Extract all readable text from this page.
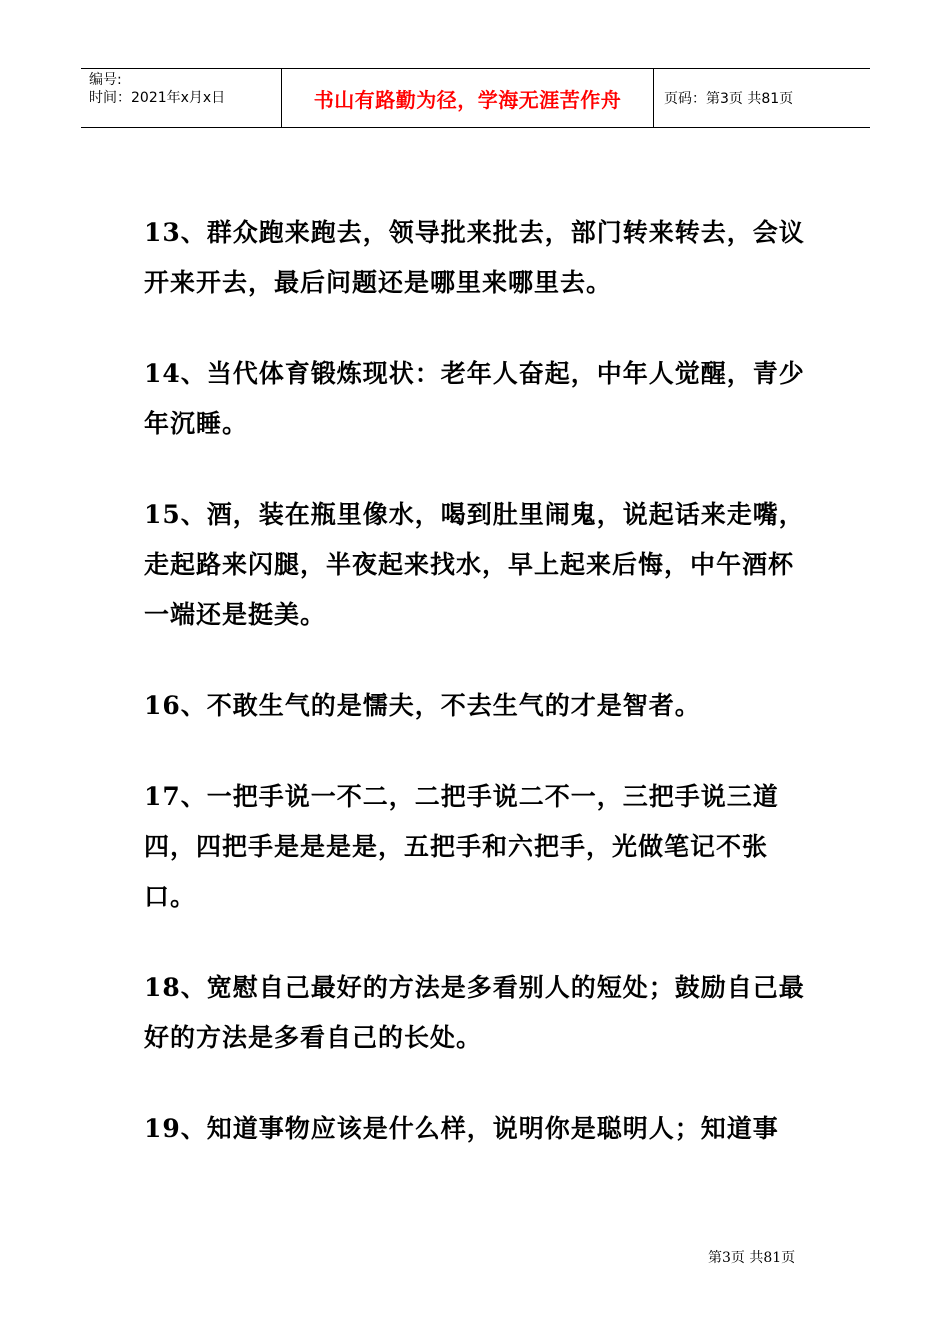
编号:
时间：2021年x月x日	书山有路勤为径，学海无涯苦作舟	页码：第3页 共81页

13、群众跑来跑去，领导批来批去，部门转来转去，会议开来开去，最后问题还是哪里来哪里去。

14、当代体育锻炼现状：老年人奋起，中年人觉醒，青少年沉睡。

15、酒，装在瓶里像水，喝到肚里闹鬼，说起话来走嘴，走起路来闪腿，半夜起来找水，早上起来后悔，中午酒杯一端还是挺美。

16、不敢生气的是懦夫，不去生气的才是智者。

17、一把手说一不二，二把手说二不一，三把手说三道四，四把手是是是是，五把手和六把手，光做笔记不张口。

18、宽慰自己最好的方法是多看别人的短处；鼓励自己最好的方法是多看自己的长处。

19、知道事物应该是什么样，说明你是聪明人；知道事

第3页 共81页
